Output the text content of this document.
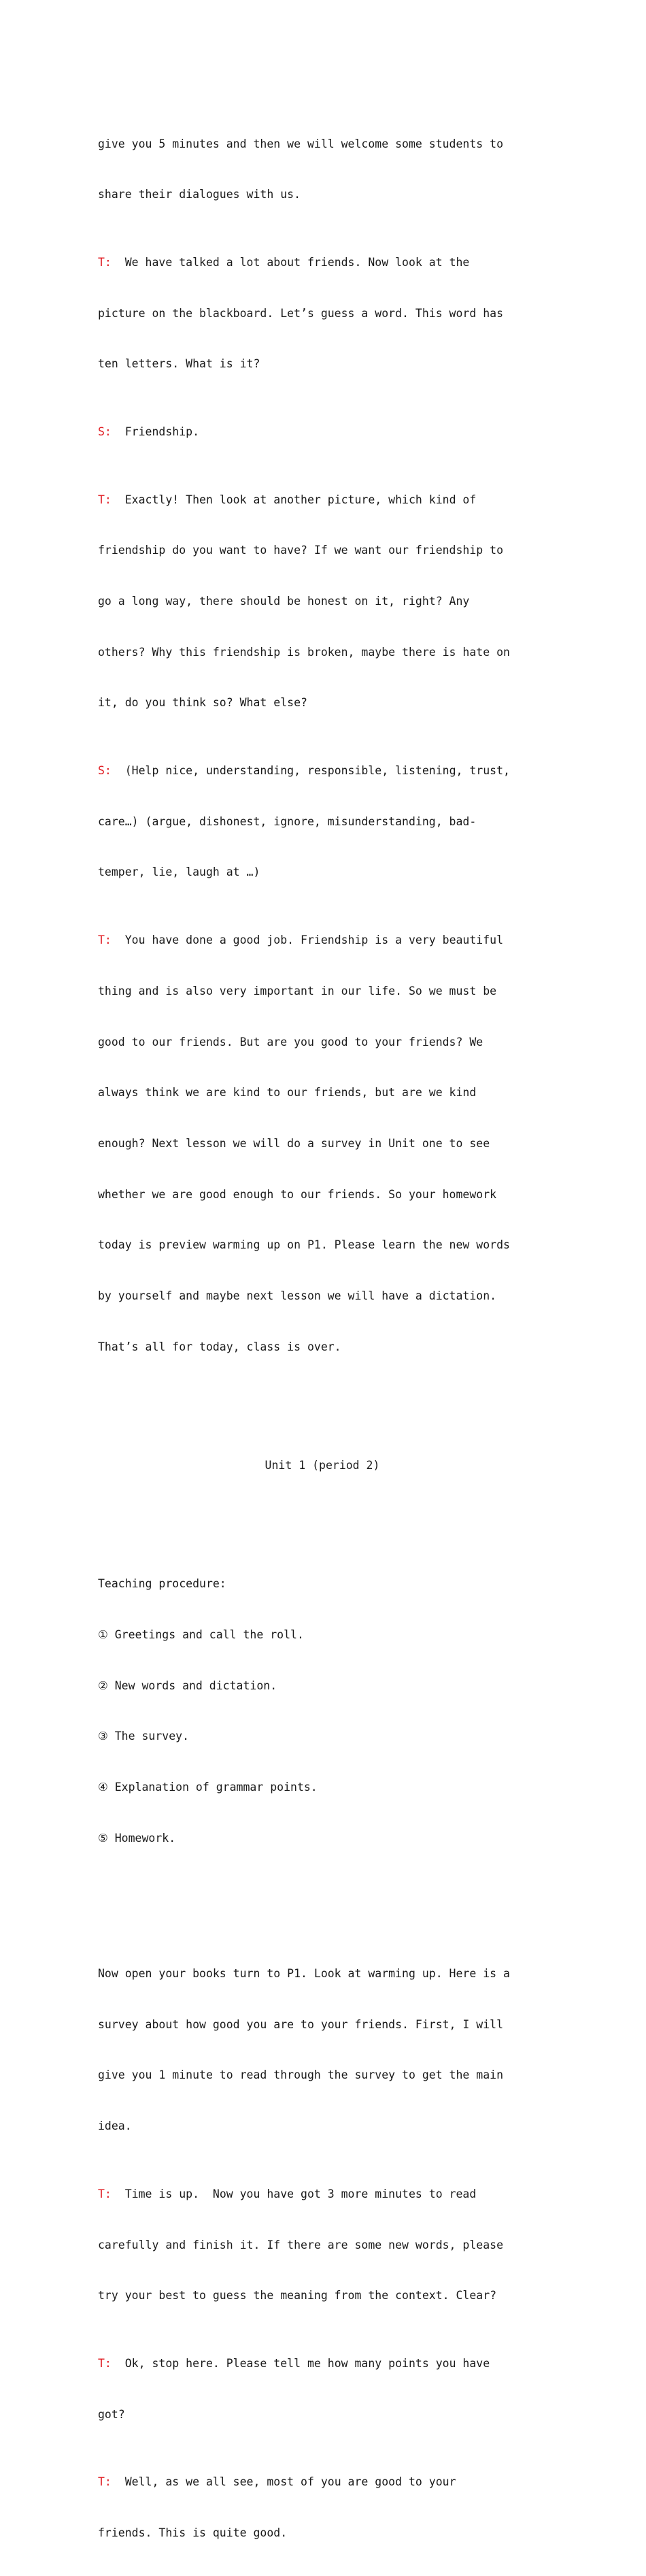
give you 5 minutes and then we will welcome some students to

share their dialogues with us.

T:  We have talked a lot about friends. Now look at the

picture on the blackboard. Let’s guess a word. This word has

ten letters. What is it?

S:  Friendship.

T:  Exactly! Then look at another picture, which kind of

friendship do you want to have? If we want our friendship to

go a long way, there should be honest on it, right? Any

others? Why this friendship is broken, maybe there is hate on

it, do you think so? What else?

S:  (Help nice, understanding, responsible, listening, trust,

care…) (argue, dishonest, ignore, misunderstanding, bad-

temper, lie, laugh at …)

T:  You have done a good job. Friendship is a very beautiful

thing and is also very important in our life. So we must be

good to our friends. But are you good to your friends? We

always think we are kind to our friends, but are we kind

enough? Next lesson we will do a survey in Unit one to see

whether we are good enough to our friends. So your homework

today is preview warming up on P1. Please learn the new words

by yourself and maybe next lesson we will have a dictation.

That’s all for today, class is over.

Unit 1 (period 2)

Teaching procedure:

① Greetings and call the roll.

② New words and dictation.

③ The survey.

④ Explanation of grammar points.

⑤ Homework.

Now open your books turn to P1. Look at warming up. Here is a

survey about how good you are to your friends. First, I will

give you 1 minute to read through the survey to get the main

idea.

T:  Time is up.  Now you have got 3 more minutes to read

carefully and finish it. If there are some new words, please

try your best to guess the meaning from the context. Clear?

T:  Ok, stop here. Please tell me how many points you have

got?

T:  Well, as we all see, most of you are good to your

friends. This is quite good.
